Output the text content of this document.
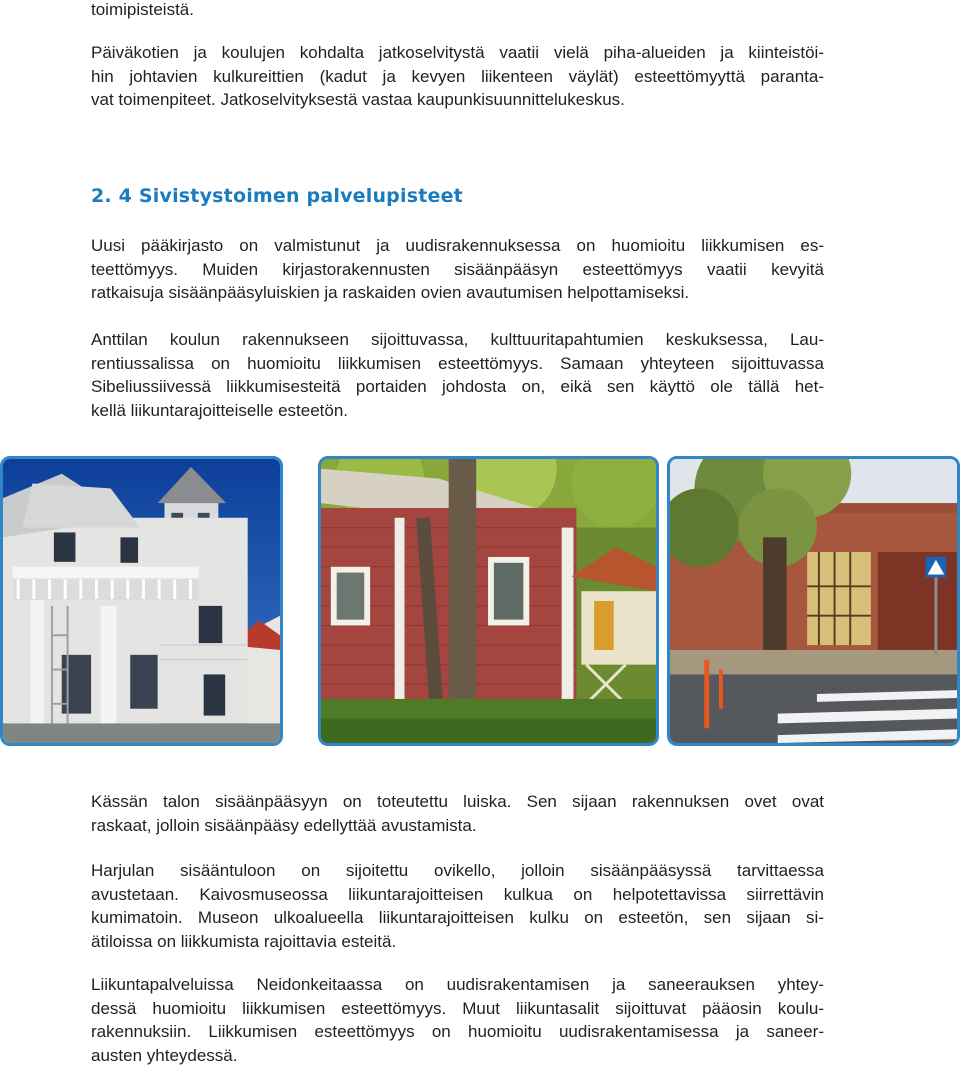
toimipisteistä.

Päiväkotien ja koulujen kohdalta jatkoselvitystä vaatii vielä piha-alueiden ja kiinteistöi-
hin johtavien kulkureittien (kadut ja kevyen liikenteen väylät) esteettömyyttä paranta-
vat toimenpiteet. Jatkoselvityksestä vastaa kaupunkisuunnittelukeskus.

2. 4 Sivistystoimen palvelupisteet

Uusi pääkirjasto on valmistunut ja uudisrakennuksessa on huomioitu liikkumisen es-
teettömyys. Muiden kirjastorakennusten sisäänpääsyn esteettömyys vaatii kevyitä
ratkaisuja sisäänpääsyluiskien ja raskaiden ovien avautumisen helpottamiseksi.

Anttilan koulun rakennukseen sijoittuvassa, kulttuuritapahtumien keskuksessa, Lau-
rentiussalissa on huomioitu liikkumisen esteettömyys. Samaan yhteyteen sijoittuvassa
Sibeliussiivessä liikkumisesteitä portaiden johdosta on, eikä sen käyttö ole tällä het-
kellä liikuntarajoitteiselle esteetön.

Kässän talon sisäänpääsyyn on toteutettu luiska. Sen sijaan rakennuksen ovet ovat
raskaat, jolloin sisäänpääsy edellyttää avustamista.

Harjulan sisääntuloon on sijoitettu ovikello, jolloin sisäänpääsyssä tarvittaessa
avustetaan. Kaivosmuseossa liikuntarajoitteisen kulkua on helpotettavissa siirrettävin
kumimatoin. Museon ulkoalueella liikuntarajoitteisen kulku on esteetön, sen sijaan si-
ätiloissa on liikkumista rajoittavia esteitä.

Liikuntapalveluissa Neidonkeitaassa on uudisrakentamisen ja saneerauksen yhtey-
dessä huomioitu liikkumisen esteettömyys. Muut liikuntasalit sijoittuvat pääosin koulu-
rakennuksiin. Liikkumisen esteettömyys on huomioitu uudisrakentamisessa ja saneer-
austen yhteydessä.
